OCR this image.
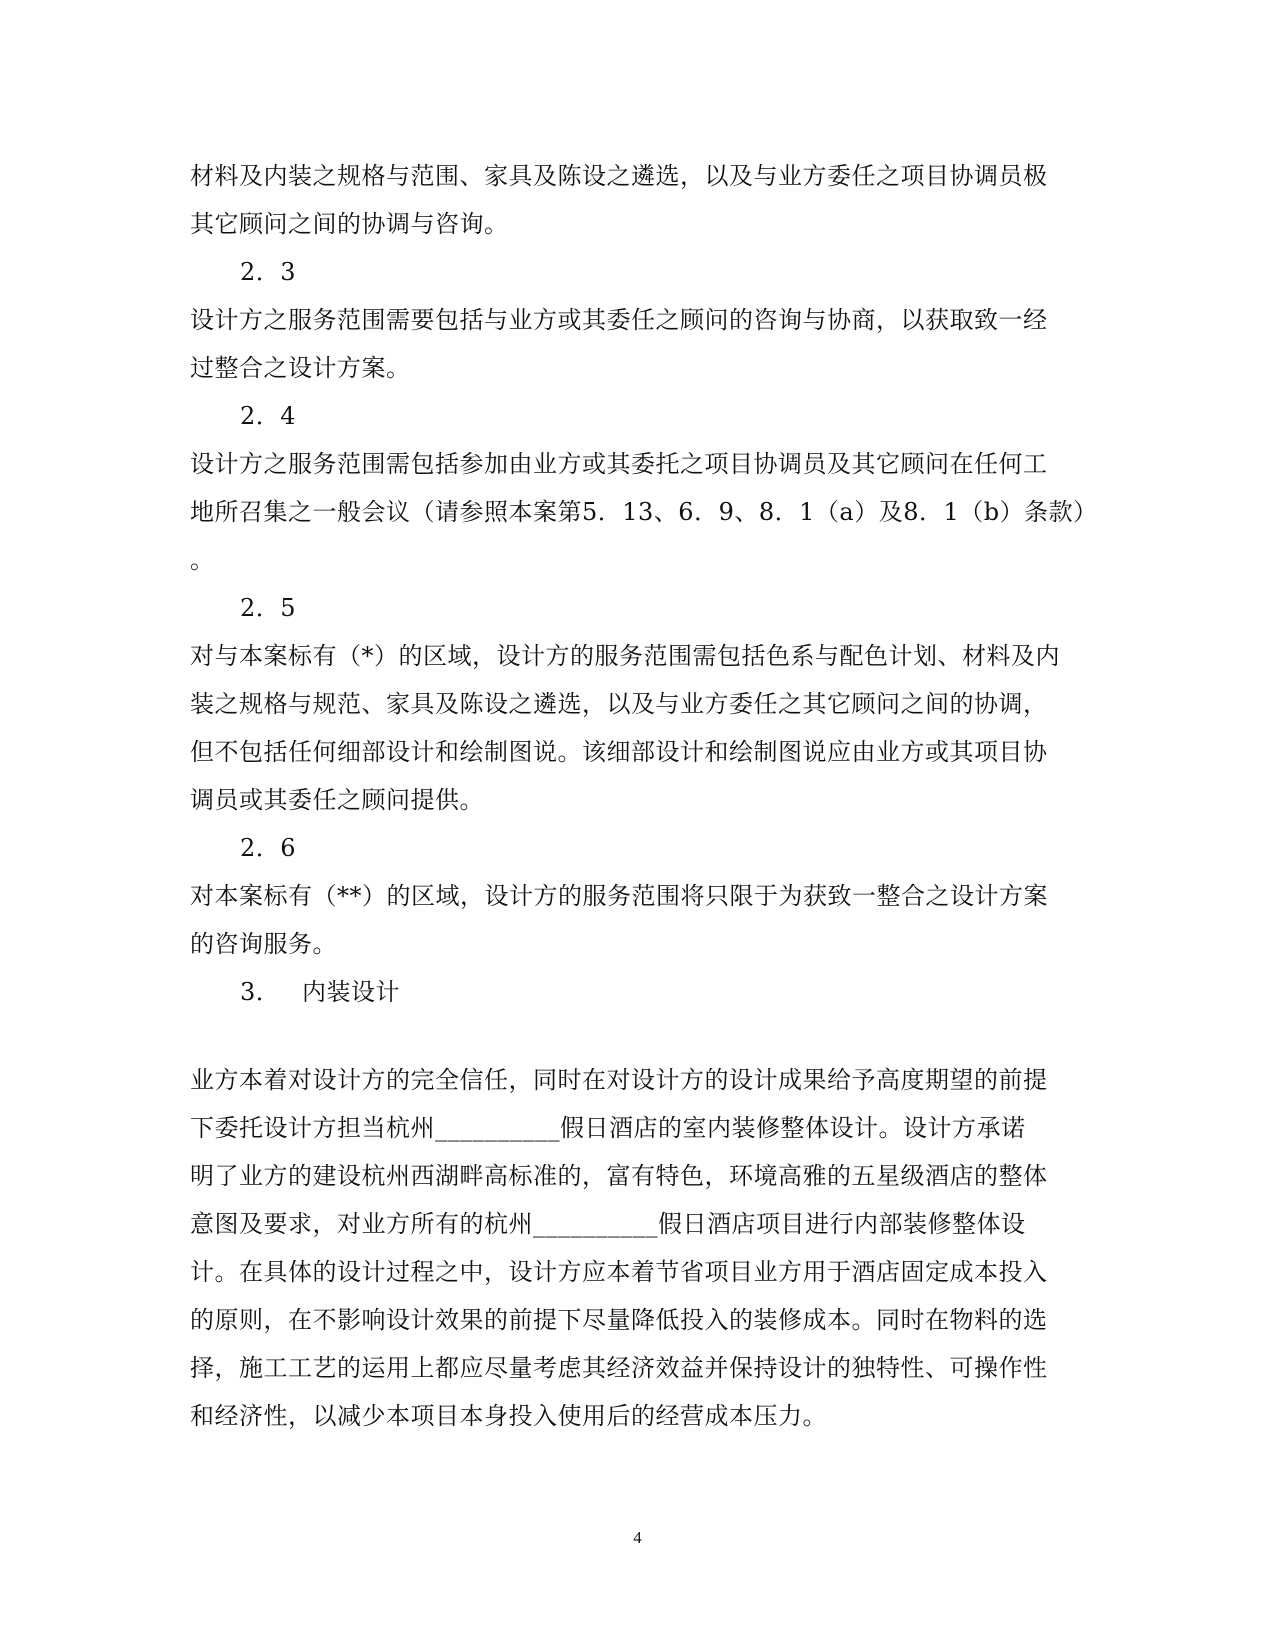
材料及内装之规格与范围、家具及陈设之遴选，以及与业方委任之项目协调员极
其它顾问之间的协调与咨询。
2．3
设计方之服务范围需要包括与业方或其委任之顾问的咨询与协商，以获取致一经
过整合之设计方案。
2．4
设计方之服务范围需包括参加由业方或其委托之项目协调员及其它顾问在任何工
地所召集之一般会议（请参照本案第5．13、6．9、8．1（a）及8．1（b）条款）
。
2．5
对与本案标有（*）的区域，设计方的服务范围需包括色系与配色计划、材料及内
装之规格与规范、家具及陈设之遴选，以及与业方委任之其它顾问之间的协调，
但不包括任何细部设计和绘制图说。该细部设计和绘制图说应由业方或其项目协
调员或其委任之顾问提供。
2．6
对本案标有（**）的区域，设计方的服务范围将只限于为获致一整合之设计方案
的咨询服务。
3． 内装设计
业方本着对设计方的完全信任，同时在对设计方的设计成果给予高度期望的前提
下委托设计方担当杭州__________假日酒店的室内装修整体设计。设计方承诺
明了业方的建设杭州西湖畔高标准的，富有特色，环境高雅的五星级酒店的整体
意图及要求，对业方所有的杭州__________假日酒店项目进行内部装修整体设
计。在具体的设计过程之中，设计方应本着节省项目业方用于酒店固定成本投入
的原则，在不影响设计效果的前提下尽量降低投入的装修成本。同时在物料的选
择，施工工艺的运用上都应尽量考虑其经济效益并保持设计的独特性、可操作性
和经济性，以减少本项目本身投入使用后的经营成本压力。
4
